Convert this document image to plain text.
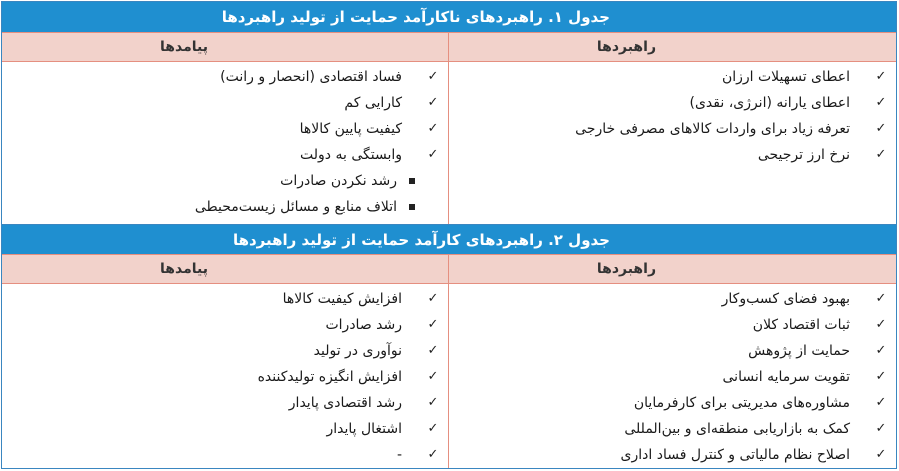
جدول ۱. راهبردهای ناکارآمد حمایت از تولید راهبردها
راهبردها
پیامدها
✓
اعطای تسهیلات ارزان
✓
اعطای یارانه (انرژی، نقدی)
✓
تعرفه زیاد برای واردات کالاهای مصرفی خارجی
✓
نرخ ارز ترجیحی
✓
فساد اقتصادی (انحصار و رانت)
✓
کارایی کم
✓
کیفیت پایین کالاها
✓
وابستگی به دولت
رشد نکردن صادرات
اتلاف منابع و مسائل زیست‌محیطی
جدول ۲. راهبردهای کارآمد حمایت از تولید راهبردها
راهبردها
پیامدها
✓
بهبود فضای کسب‌وکار
✓
ثبات اقتصاد کلان
✓
حمایت از پژوهش
✓
تقویت سرمایه انسانی
✓
مشاوره‌های مدیریتی برای کارفرمایان
✓
کمک به بازاریابی منطقه‌ای و بین‌المللی
✓
اصلاح نظام مالیاتی و کنترل فساد اداری
✓
افزایش کیفیت کالاها
✓
رشد صادرات
✓
نوآوری در تولید
✓
افزایش انگیزه تولیدکننده
✓
رشد اقتصادی پایدار
✓
اشتغال پایدار
✓
-
